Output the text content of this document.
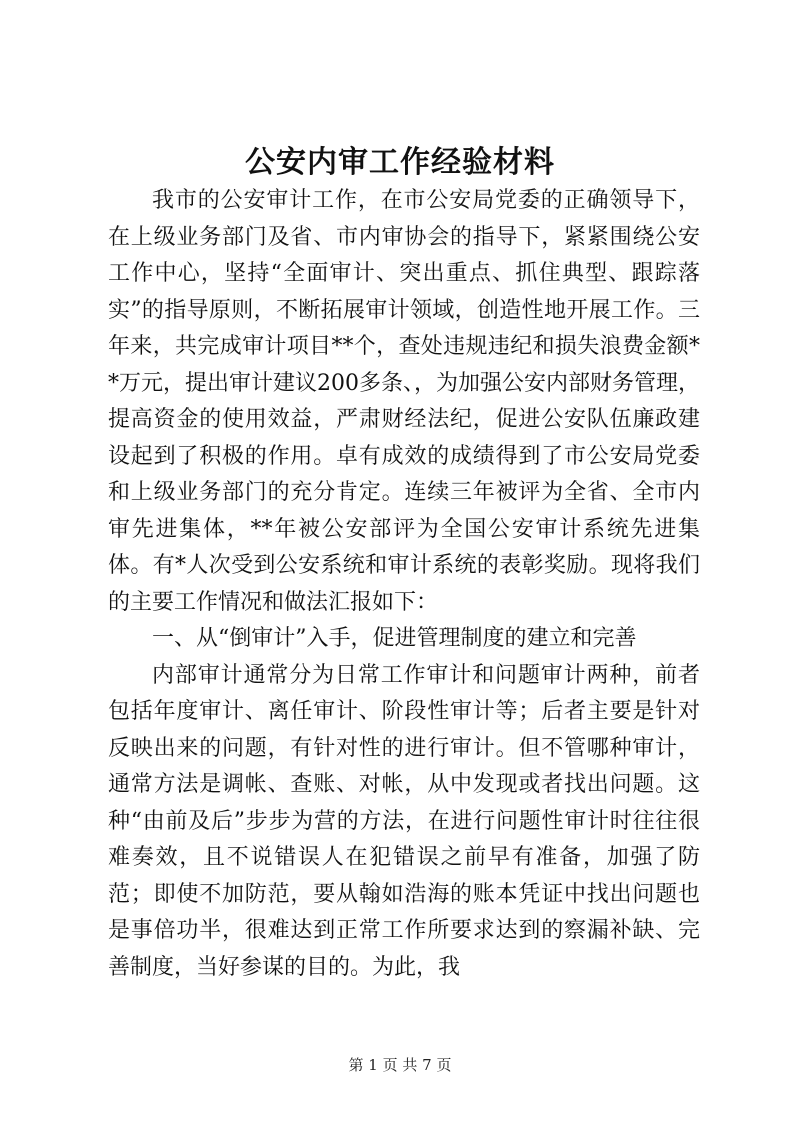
公安内审工作经验材料

我市的公安审计工作，在市公安局党委的正确领导下，在上级业务部门及省、市内审协会的指导下，紧紧围绕公安工作中心，坚持“全面审计、突出重点、抓住典型、跟踪落实”的指导原则，不断拓展审计领域，创造性地开展工作。三年来，共完成审计项目**个，查处违规违纪和损失浪费金额**万元，提出审计建议200多条、，为加强公安内部财务管理，提高资金的使用效益，严肃财经法纪，促进公安队伍廉政建设起到了积极的作用。卓有成效的成绩得到了市公安局党委和上级业务部门的充分肯定。连续三年被评为全省、全市内审先进集体，**年被公安部评为全国公安审计系统先进集体。有*人次受到公安系统和审计系统的表彰奖励。现将我们的主要工作情况和做法汇报如下：

一、从“倒审计”入手，促进管理制度的建立和完善

内部审计通常分为日常工作审计和问题审计两种，前者包括年度审计、离任审计、阶段性审计等；后者主要是针对反映出来的问题，有针对性的进行审计。但不管哪种审计，通常方法是调帐、查账、对帐，从中发现或者找出问题。这种“由前及后”步步为营的方法，在进行问题性审计时往往很难奏效，且不说错误人在犯错误之前早有准备，加强了防范；即使不加防范，要从翰如浩海的账本凭证中找出问题也是事倍功半，很难达到正常工作所要求达到的察漏补缺、完善制度，当好参谋的目的。为此，我

第 1 页 共 7 页
